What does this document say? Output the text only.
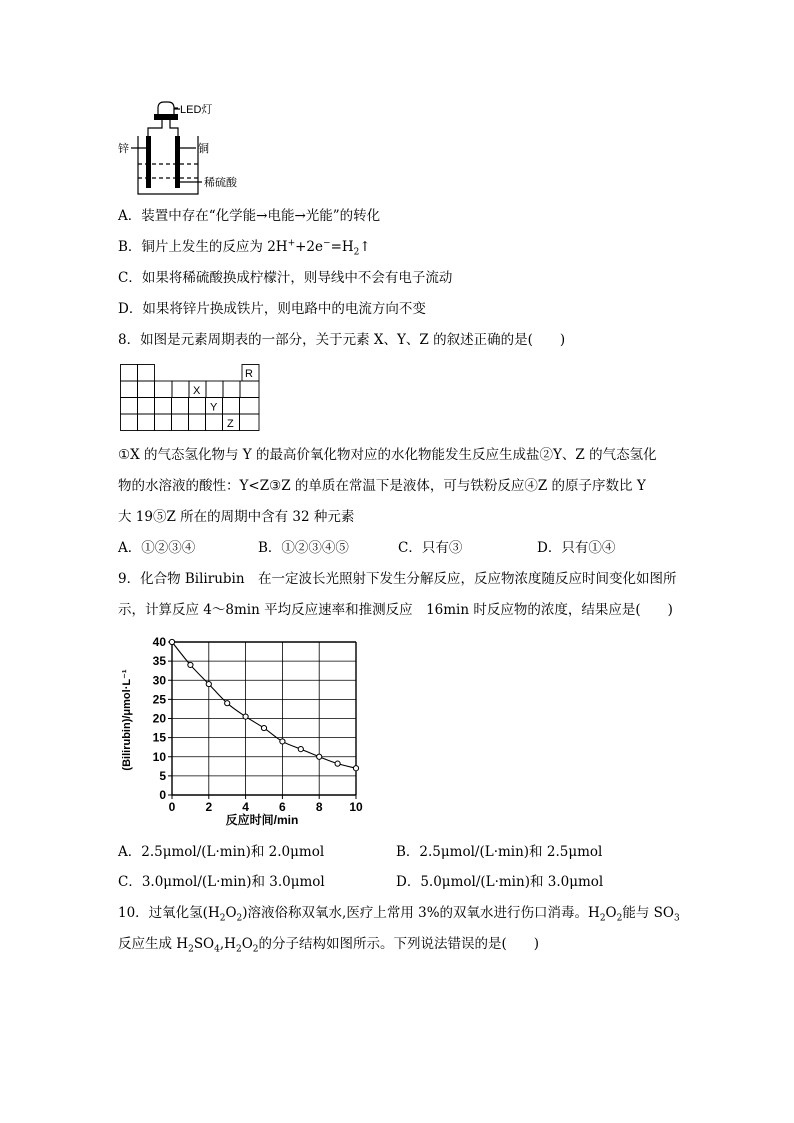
LED灯
锌	铜
稀硫酸
A．装置中存在“化学能→电能→光能”的转化
B．铜片上发生的反应为 $2H^++2e^-=H_2↑$
C．如果将稀硫酸换成柠檬汁，则导线中不会有电子流动
D．如果将锌片换成铁片，则电路中的电流方向不变
8．如图是元素周期表的一部分，关于元素 X、Y、Z 的叙述正确的是(　　)
R
X
Y
Z
①X 的气态氢化物与 Y 的最高价氧化物对应的水化物能发生反应生成盐②Y、Z 的气态氢化
物的水溶液的酸性：Y<Z③Z 的单质在常温下是液体，可与铁粉反应④Z 的原子序数比 Y
大 19⑤Z 所在的周期中含有 32 种元素
A．①②③④	B．①②③④⑤	C．只有③	D．只有①④
9．化合物 Bilirubin　在一定波长光照射下发生分解反应，反应物浓度随反应时间变化如图所
示，计算反应 4～8min 平均反应速率和推测反应　16min 时反应物的浓度，结果应是(　　)
0
5
10
15
20
25
30
35
40
0	2	4	6	8 10
反应时间/min
(Bilirubin)/μmol·L⁻¹
A．2.5μmol/(L·min)和 2.0μmol	B．2.5μmol/(L·min)和 2.5μmol
C．3.0μmol/(L·min)和 3.0μmol	D．5.0μmol/(L·min)和 3.0μmol
10．过氧化氢$(H_2O_2)$溶液俗称双氧水,医疗上常用 3%的双氧水进行伤口消毒。$H_2O_2$能与 $SO_3$
反应生成 $H_2SO_4,H_2O_2$的分子结构如图所示。下列说法错误的是(　　)
